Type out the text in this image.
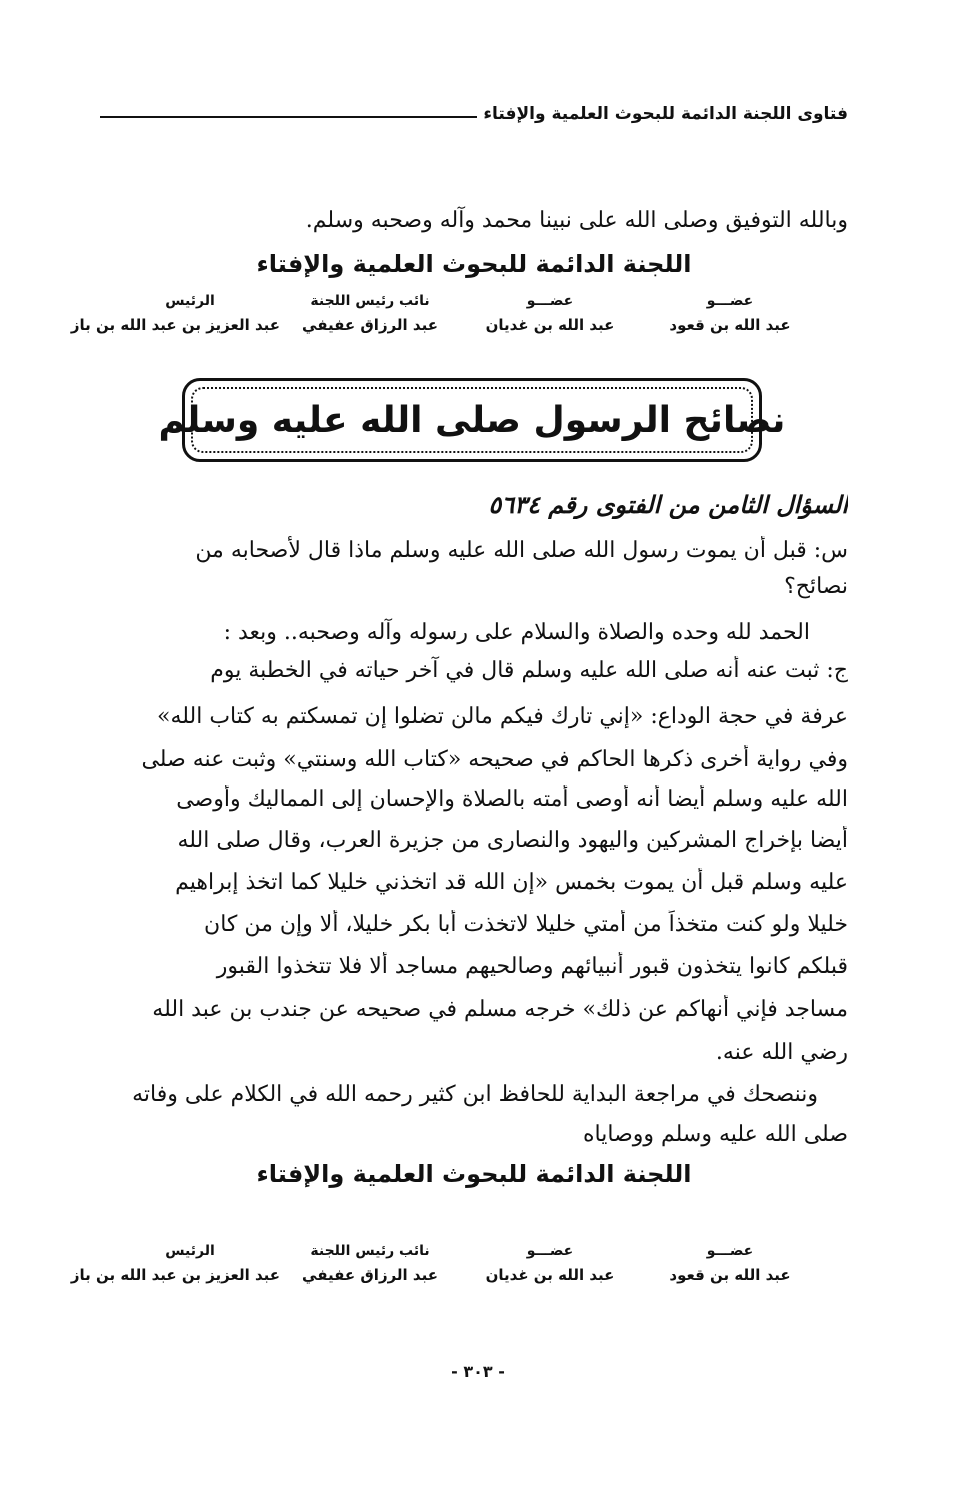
فتاوى اللجنة الدائمة للبحوث العلمية والإفتاء
وبالله التوفيق وصلى الله على نبينا محمد وآله وصحبه وسلم.
اللجنة الدائمة للبحوث العلمية والإفتاء
عضـــو
عبد الله بن قعود
عضـــو
عبد الله بن غديان
نائب رئيس اللجنة
عبد الرزاق عفيفي
الرئيس
عبد العزيز بن عبد الله بن باز
نصائح الرسول صلى الله عليه وسلم
السؤال الثامن من الفتوى رقم ٥٦٣٤
س: قبل أن يموت رسول الله صلى الله عليه وسلم ماذا قال لأصحابه من
نصائح؟
الحمد لله وحده والصلاة والسلام على رسوله وآله وصحبه.. وبعد :
ج: ثبت عنه أنه صلى الله عليه وسلم قال في آخر حياته في الخطبة يوم
عرفة في حجة الوداع: «إني تارك فيكم مالن تضلوا إن تمسكتم به كتاب الله»
وفي رواية أخرى ذكرها الحاكم في صحيحه «كتاب الله وسنتي» وثبت عنه صلى
الله عليه وسلم أيضا أنه أوصى أمته بالصلاة والإحسان إلى المماليك وأوصى
أيضا بإخراج المشركين واليهود والنصارى من جزيرة العرب، وقال صلى الله
عليه وسلم قبل أن يموت بخمس «إن الله قد اتخذني خليلا كما اتخذ إبراهيم
خليلا ولو كنت متخذاً من أمتي خليلا لاتخذت أبا بكر خليلا، ألا وإن من كان
قبلكم كانوا يتخذون قبور أنبيائهم وصالحيهم مساجد ألا فلا تتخذوا القبور
مساجد فإني أنهاكم عن ذلك» خرجه مسلم في صحيحه عن جندب بن عبد الله
رضي الله عنه.
وننصحك في مراجعة البداية للحافظ ابن كثير رحمه الله في الكلام على وفاته
صلى الله عليه وسلم ووصاياه
اللجنة الدائمة للبحوث العلمية والإفتاء
عضـــو
عبد الله بن قعود
عضـــو
عبد الله بن غديان
نائب رئيس اللجنة
عبد الرزاق عفيفي
الرئيس
عبد العزيز بن عبد الله بن باز
- ٣٠٣ -
